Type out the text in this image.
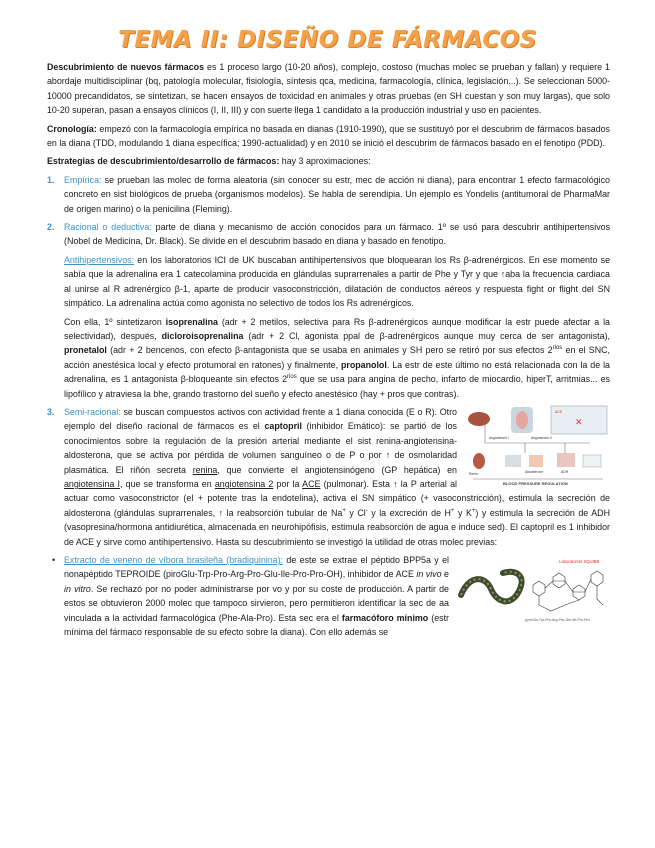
TEMA II: DISEÑO DE FÁRMACOS

Descubrimiento de nuevos fármacos es 1 proceso largo (10-20 años), complejo, costoso (muchas molec se prueban y fallan) y requiere 1 abordaje multidisciplinar (bq, patología molecular, fisiología, síntesis qca, medicina, farmacología, clínica, legislación...). Se seleccionan 5000-10000 precandidatos, se sintetizan, se hacen ensayos de toxicidad en animales y otras pruebas (en SH cuestan y son muy largas), que solo 10-20 superan, pasan a ensayos clínicos (I, II, III) y con suerte llega 1 candidato a la producción industrial y uso en pacientes.

Cronología: empezó con la farmacología empírica no basada en dianas (1910-1990), que se sustituyó por el descubrim de fármacos basados en la diana (TDD, modulando 1 diana específica; 1990-actualidad) y en 2010 se inició el descubrim de fármacos basado en el fenotipo (PDD).

Estrategias de descubrimiento/desarrollo de fármacos: hay 3 aproximaciones:

1. Empírica: se prueban las molec de forma aleatoria (sin conocer su estr, mec de acción ni diana), para encontrar 1 efecto farmacológico concreto en sist biológicos de prueba (organismos modelos). Se habla de serendipia. Un ejemplo es Yondelis (antitumoral de PharmaMar de origen marino) o la penicilina (Fleming).

2. Racional o deductiva: parte de diana y mecanismo de acción conocidos para un fármaco. 1º se usó para descubrir antihipertensivos (Nobel de Medicina, Dr. Black). Se divide en el descubrim basado en diana y basado en fenotipo.

Antihipertensivos: en los laboratorios ICI de UK buscaban antihipertensivos que bloquearan los Rs β-adrenérgicos. En ese momento se sabía que la adrenalina era 1 catecolamina producida en glándulas suprarrenales a partir de Phe y Tyr y que ↑aba la frecuencia cardiaca al unirse al R adrenérgico β-1, aparte de producir vasoconstricción, dilatación de conductos aéreos y respuesta fight or flight del SN simpático. La adrenalina actúa como agonista no selectivo de todos los Rs adrenérgicos.

Con ella, 1º sintetizaron isoprenalina (adr + 2 metilos, selectiva para Rs β-adrenérgicos aunque modificar la estr puede afectar a la selectividad), después, dicloroisoprenalina (adr + 2 Cl, agonista ppal de β-adrenérgicos aunque muy cerca de ser antagonista), pronetalol (adr + 2 bencenos, con efecto β-antagonista que se usaba en animales y SH pero se retiró por sus efectos $2^{rios}$ en el SNC, acción anestésica local y efecto protumoral en ratones) y finalmente, propanolol. La estr de este último no está relacionada con la de la adrenalina, es 1 antagonista β-bloqueante sin efectos $2^{rios}$ que se usa para angina de pecho, infarto de miocardio, hiperT, arritmias... es lipofílico y atraviesa la bhe, grando trastorno del sueño y efecto anestésico (hay + pros que contras).

ACE
✕
Angiotensin I	Angiotensin II
Renin	Aldosterone	ADH
BLOOD PRESSURE REGULATION
3. Semi-racional: se buscan compuestos activos con actividad frente a 1 diana conocida (E o R). Otro ejemplo del diseño racional de fármacos es el captopril (inhibidor Emático): se partió de los conocimientos sobre la regulación de la presión arterial mediante el sist renina-angiotensina-aldosterona, que se activa por pérdida de volumen sanguíneo o de P o por ↑ de osmolaridad plasmática. El riñón secreta renina, que convierte el angiotensinógeno (GP hepática) en angiotensina I, que se transforma en angiotensina 2 por la ACE (pulmonar). Esta ↑ la P arterial al actuar como vasoconstrictor (el + potente tras la endotelina), activa el SN simpático (+ vasoconstricción), estimula la secreción de aldosterona (glándulas suprarrenales, ↑ la reabsorción tubular de Na+ y Cl- y la excreción de H+ y K+) y estimula la secreción de ADH (vasopresina/hormona antidiurética, almacenada en neurohipófisis, estimula reabsorción de agua e induce sed). El captopril es 1 inhibidor de ACE y sirve como antihipertensivo. Hasta su descubrimiento se investigó la utilidad de otras molec previas:

Laboratorios SQUIBB
pyroGlu-Trp-Pro-Arg-Pro-Gln-Ile-Pro-Pro
• Extracto de veneno de víbora brasileña (bradiquinina): de este se extrae el péptido BPP5a y el nonapéptido TEPROIDE (piroGlu-Trp-Pro-Arg-Pro-Glu-Ile-Pro-Pro-OH), inhibidor de ACE in vivo e in vitro. Se rechazó por no poder administrarse por vo y por su coste de producción. A partir de estos se obtuvieron 2000 molec que tampoco sirvieron, pero permitieron identificar la sec de aa vinculada a la actividad farmacológica (Phe-Ala-Pro). Esta sec era el farmacóforo mínimo (estr mínima del fármaco responsable de su efecto sobre la diana). Con ello además se
